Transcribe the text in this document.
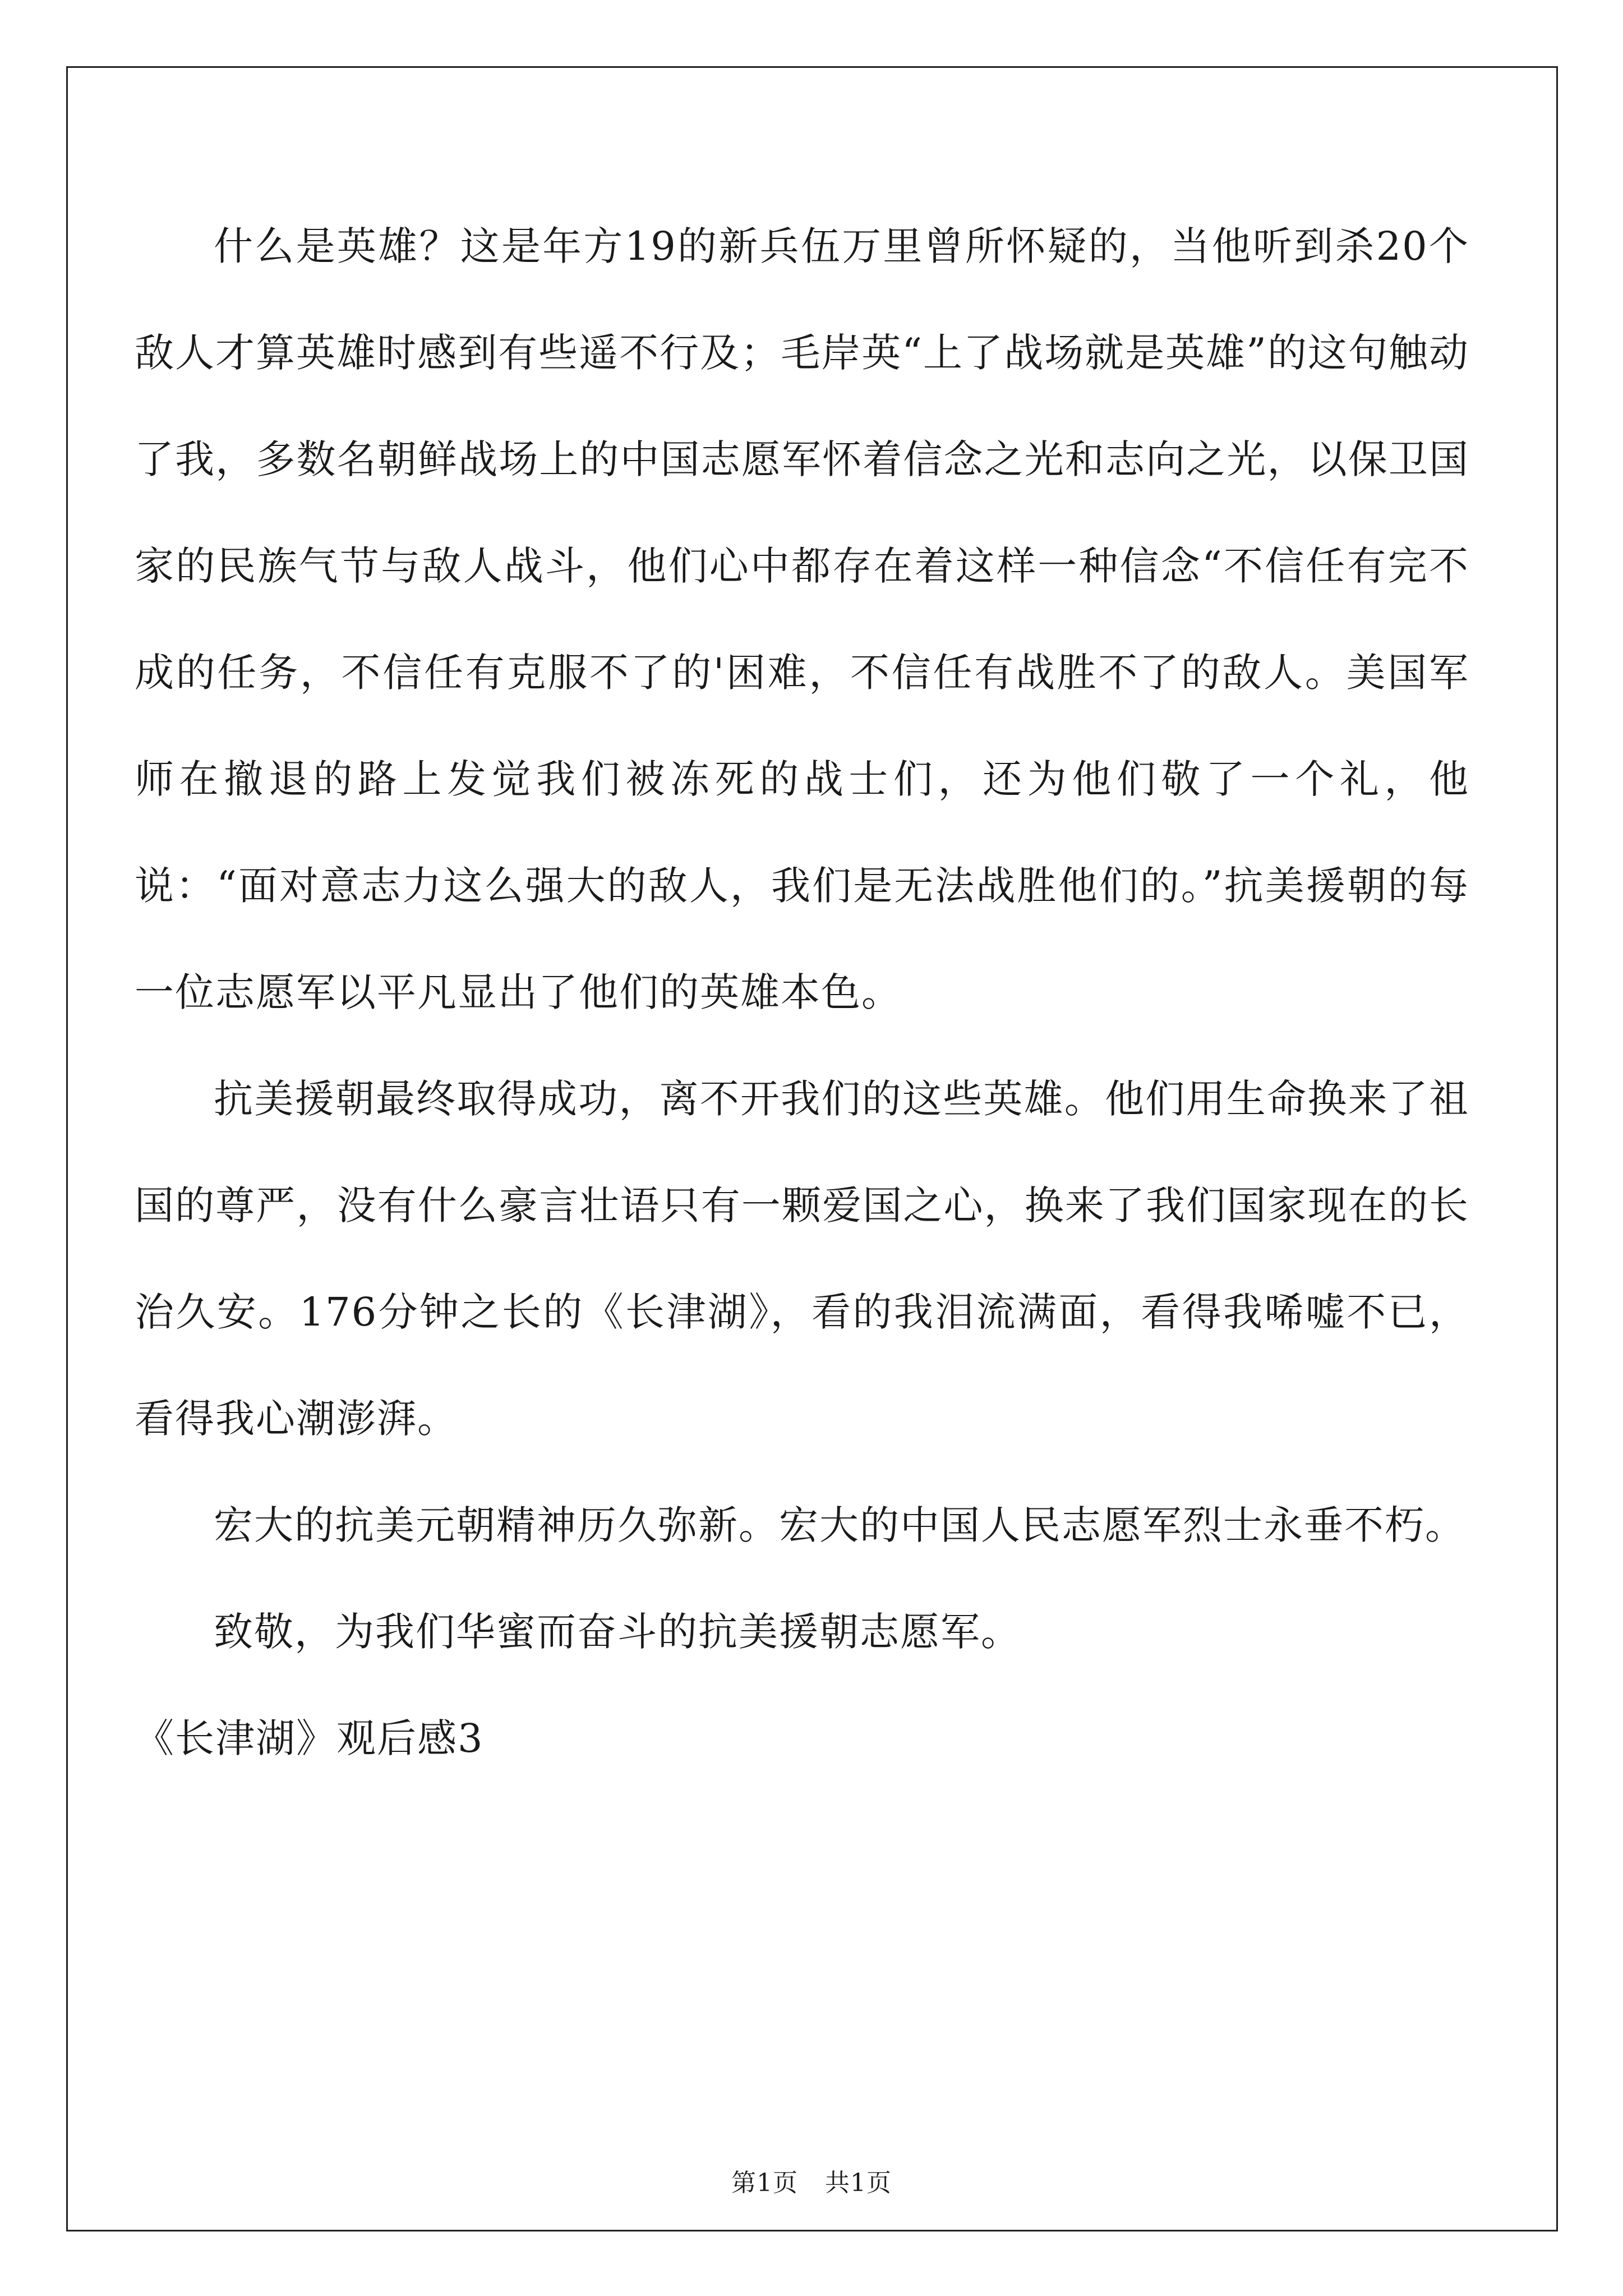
什么是英雄？这是年方19的新兵伍万里曾所怀疑的，当他听到杀20个敌人才算英雄时感到有些遥不行及；毛岸英“上了战场就是英雄”的这句触动了我，多数名朝鲜战场上的中国志愿军怀着信念之光和志向之光，以保卫国家的民族气节与敌人战斗，他们心中都存在着这样一种信念“不信任有完不成的任务，不信任有克服不了的'困难，不信任有战胜不了的敌人。美国军师在撤退的路上发觉我们被冻死的战士们，还为他们敬了一个礼，他说：“面对意志力这么强大的敌人，我们是无法战胜他们的。”抗美援朝的每一位志愿军以平凡显出了他们的英雄本色。

抗美援朝最终取得成功，离不开我们的这些英雄。他们用生命换来了祖国的尊严，没有什么豪言壮语只有一颗爱国之心，换来了我们国家现在的长治久安。176分钟之长的《长津湖》，看的我泪流满面，看得我唏嘘不已，看得我心潮澎湃。

宏大的抗美元朝精神历久弥新。宏大的中国人民志愿军烈士永垂不朽。

致敬，为我们华蜜而奋斗的抗美援朝志愿军。

《长津湖》观后感3

第1页 共1页
